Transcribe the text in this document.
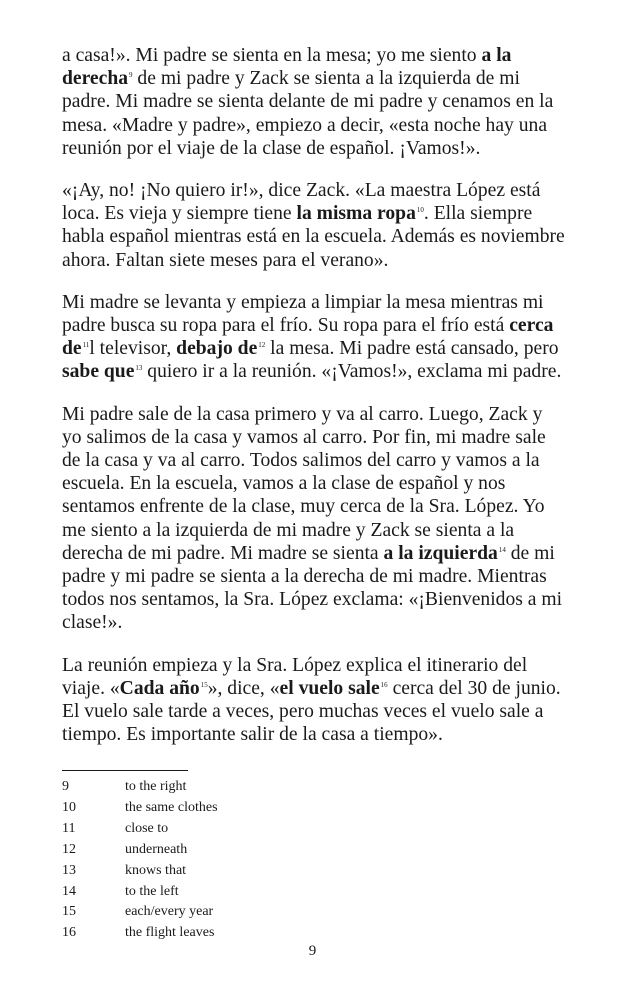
a casa!». Mi padre se sienta en la mesa; yo me siento a la derecha$^9$ de mi padre y Zack se sienta a la izquierda de mi padre. Mi madre se sienta delante de mi padre y cenamos en la mesa. «Madre y padre», empiezo a decir, «esta noche hay una reunión por el viaje de la clase de español. ¡Vamos!».

«¡Ay, no! ¡No quiero ir!», dice Zack. «La maestra López está loca. Es vieja y siempre tiene la misma ropa$^{10}$. Ella siempre habla español mientras está en la escuela. Además es noviembre ahora. Faltan siete meses para el verano».

Mi madre se levanta y empieza a limpiar la mesa mientras mi padre busca su ropa para el frío. Su ropa para el frío está cerca $de^{11}l$ televisor, debajo $de^{12}$ la mesa. Mi padre está cansado, pero sabe que$^{13}$ quiero ir a la reunión. «¡Vamos!», exclama mi padre.

Mi padre sale de la casa primero y va al carro. Luego, Zack y yo salimos de la casa y vamos al carro. Por fin, mi madre sale de la casa y va al carro. Todos salimos del carro y vamos a la escuela. En la escuela, vamos a la clase de español y nos sentamos enfrente de la clase, muy cerca de la Sra. López. Yo me siento a la izquierda de mi madre y Zack se sienta a la derecha de mi padre. Mi madre se sienta a la izquierda$^{14}$ de mi padre y mi padre se sienta a la derecha de mi madre. Mientras todos nos sentamos, la Sra. López exclama: «¡Bienvenidos a mi clase!».

La reunión empieza y la Sra. López explica el itinerario del viaje. «Cada año$^{15}$», dice, «el vuelo sale$^{16}$ cerca del 30 de junio. El vuelo sale tarde a veces, pero muchas veces el vuelo sale a tiempo. Es importante salir de la casa a tiempo».

9	to the right
10	the same clothes
11	close to
12	underneath
13	knows that
14	to the left
15	each/every year
16	the flight leaves
9
